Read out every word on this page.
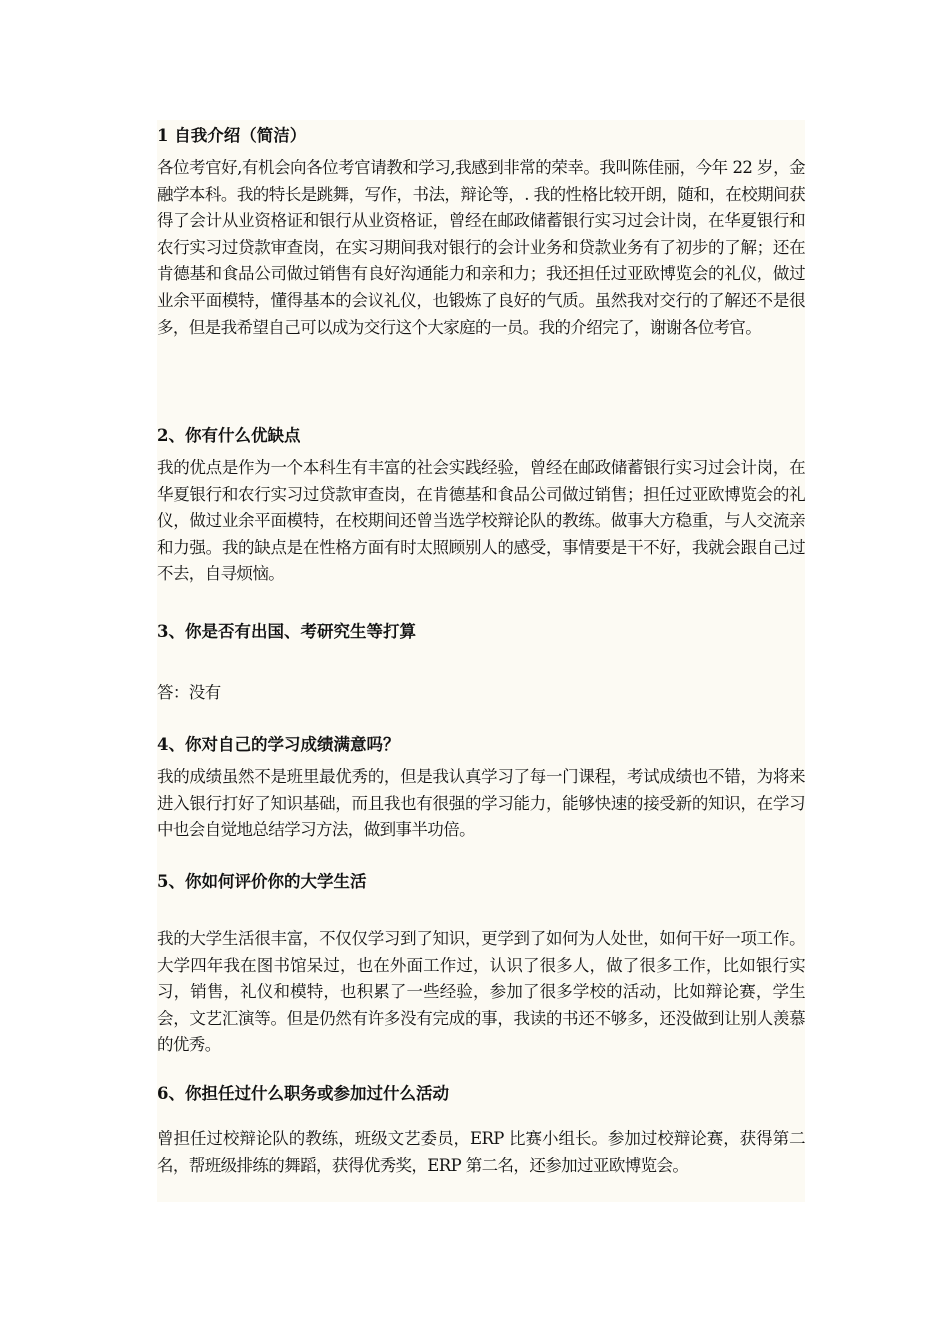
1 自我介绍（简洁）

各位考官好,有机会向各位考官请教和学习,我感到非常的荣幸。我叫陈佳丽，今年 22 岁，金融学本科。我的特长是跳舞，写作，书法，辩论等，. 我的性格比较开朗，随和，在校期间获得了会计从业资格证和银行从业资格证，曾经在邮政储蓄银行实习过会计岗，在华夏银行和农行实习过贷款审查岗，在实习期间我对银行的会计业务和贷款业务有了初步的了解；还在肯德基和食品公司做过销售有良好沟通能力和亲和力；我还担任过亚欧博览会的礼仪，做过业余平面模特，懂得基本的会议礼仪，也锻炼了良好的气质。虽然我对交行的了解还不是很多，但是我希望自己可以成为交行这个大家庭的一员。我的介绍完了，谢谢各位考官。

2、你有什么优缺点

我的优点是作为一个本科生有丰富的社会实践经验，曾经在邮政储蓄银行实习过会计岗，在华夏银行和农行实习过贷款审查岗，在肯德基和食品公司做过销售；担任过亚欧博览会的礼仪，做过业余平面模特，在校期间还曾当选学校辩论队的教练。做事大方稳重，与人交流亲和力强。我的缺点是在性格方面有时太照顾别人的感受，事情要是干不好，我就会跟自己过不去，自寻烦恼。

3、你是否有出国、考研究生等打算

答：没有

4、你对自己的学习成绩满意吗？

我的成绩虽然不是班里最优秀的，但是我认真学习了每一门课程，考试成绩也不错，为将来进入银行打好了知识基础，而且我也有很强的学习能力，能够快速的接受新的知识，在学习中也会自觉地总结学习方法，做到事半功倍。

5、你如何评价你的大学生活

我的大学生活很丰富，不仅仅学习到了知识，更学到了如何为人处世，如何干好一项工作。大学四年我在图书馆呆过，也在外面工作过，认识了很多人，做了很多工作，比如银行实习，销售，礼仪和模特，也积累了一些经验，参加了很多学校的活动，比如辩论赛，学生会，文艺汇演等。但是仍然有许多没有完成的事，我读的书还不够多，还没做到让别人羡慕的优秀。

6、你担任过什么职务或参加过什么活动

曾担任过校辩论队的教练，班级文艺委员，ERP 比赛小组长。参加过校辩论赛，获得第二名，帮班级排练的舞蹈，获得优秀奖，ERP 第二名，还参加过亚欧博览会。
